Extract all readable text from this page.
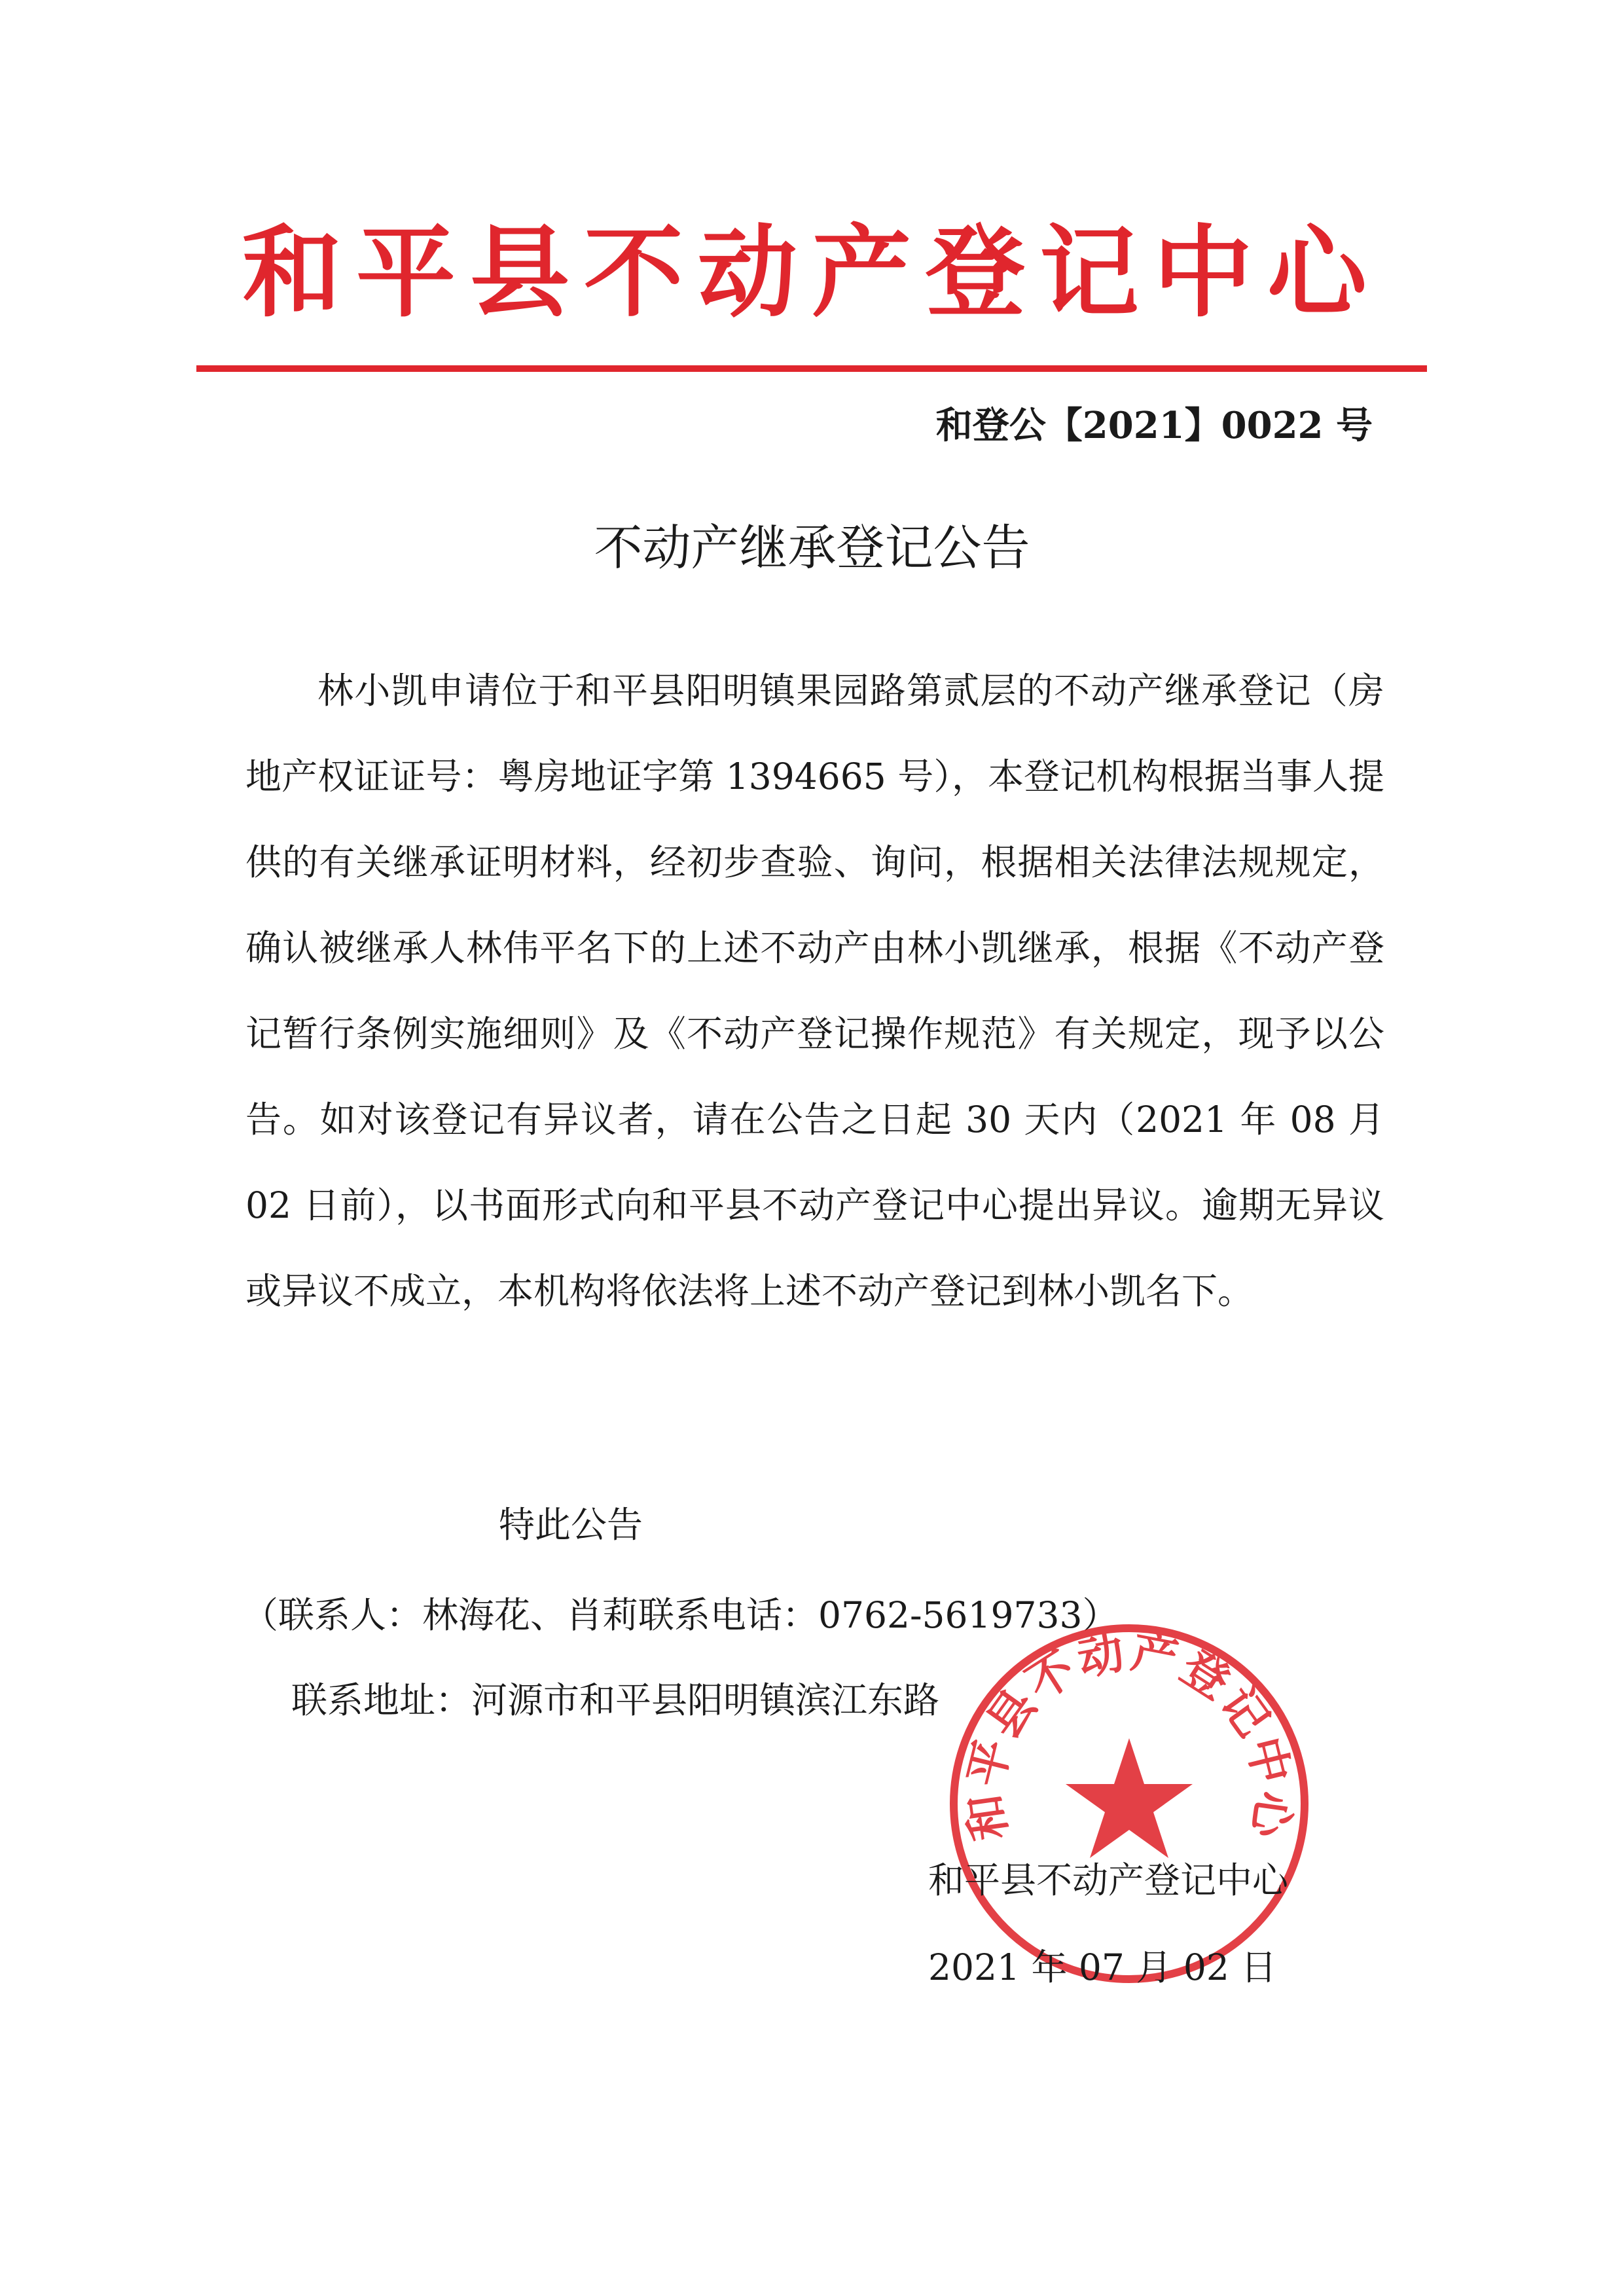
和平县不动产登记中心
和登公【2021】0022 号
不动产继承登记公告

林小凯申请位于和平县阳明镇果园路第贰层的不动产继承登记（房地产权证证号：粤房地证字第 1394665 号），本登记机构根据当事人提供的有关继承证明材料，经初步查验、询问，根据相关法律法规规定，确认被继承人林伟平名下的上述不动产由林小凯继承，根据《不动产登记暂行条例实施细则》及《不动产登记操作规范》有关规定，现予以公告。如对该登记有异议者，请在公告之日起 30 天内（2021 年 08 月 02 日前），以书面形式向和平县不动产登记中心提出异议。逾期无异议或异议不成立，本机构将依法将上述不动产登记到林小凯名下。

特此公告
（联系人：林海花、肖莉联系电话：0762-5619733）
联系地址：河源市和平县阳明镇滨江东路
和平县不动产登记中心
和平县不动产登记中心
2021 年 07 月 02 日
